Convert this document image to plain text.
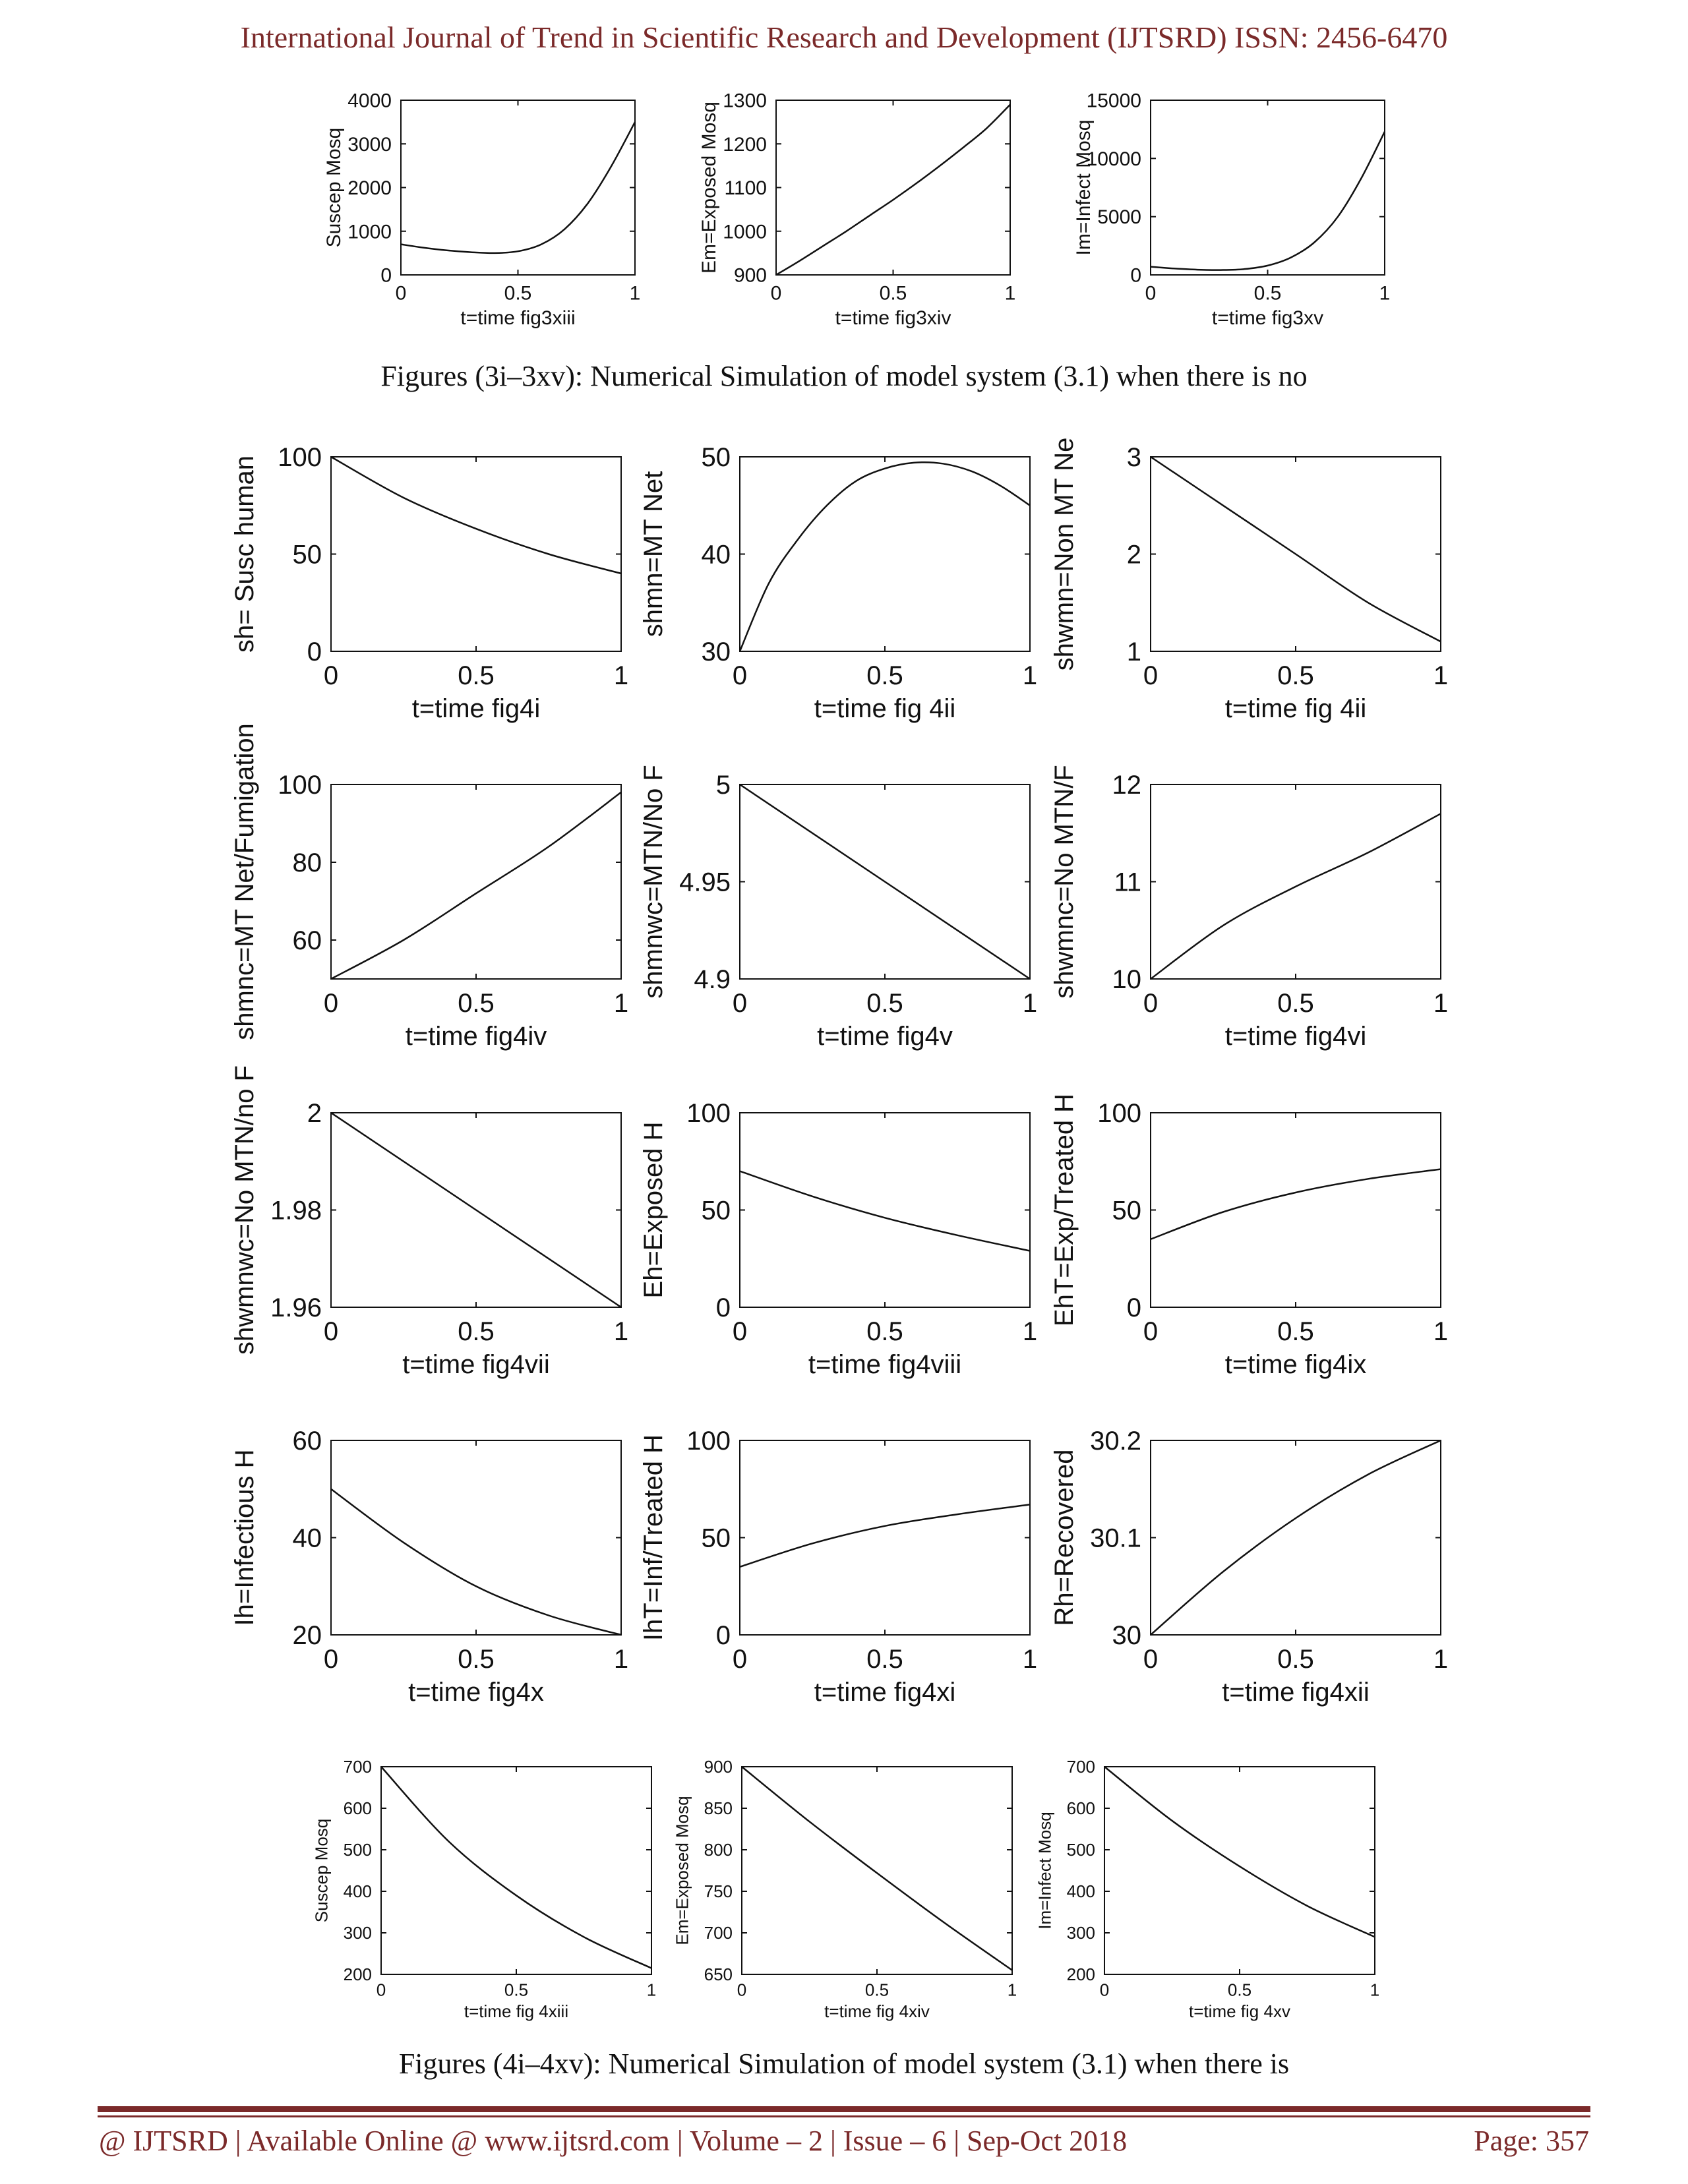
International Journal of Trend in Scientific Research and Development (IJTSRD) ISSN: 2456-6470
0	0.5	1
0
1000
2000
3000
4000
t=time fig3xiii
Suscep Mosq
0	0.5	1
900
1000
1100
1200
1300
t=time fig3xiv
Em=Exposed Mosq
0	0.5	1
0
5000
10000
15000
t=time fig3xv
Im=Infect Mosq
0	0.5	1
0
50
100
t=time fig4i
sh= Susc human
0	0.5	1
30
40
50
t=time fig 4ii
shmn=MT Net
0	0.5	1
1
2
3
t=time fig 4ii
shwmn=Non MT Ne
0	0.5	1
60
80
100
t=time fig4iv
shmnc=MT Net/Fumigation	0	0.5	1
4.9
4.95
5
t=time fig4v
shmnwc=MTN/No F
0	0.5	1
10
11
12
t=time fig4vi
shwmnc=No MTN/F
0	0.5	1
1.96
1.98
2
t=time fig4vii
shwmnwc=No MTN/no F	0	0.5	1
0
50
100
t=time fig4viii
Eh=Exposed H
0	0.5	1
0
50
100
t=time fig4ix
EhT=Exp/Treated H
0	0.5	1
20
40
60
t=time fig4x
Ih=Infectious H
0	0.5	1
0
50
100
t=time fig4xi
IhT=Inf/Treated H
0	0.5	1
30
30.1
30.2
t=time fig4xii
Rh=Recovered
0	0.5	1
200
300
400
500
600
700
t=time fig 4xiii
Suscep Mosq
0	0.5	1
650
700
750
800
850
900
t=time fig 4xiv
Em=Exposed Mosq
0	0.5	1
200
300
400
500
600
700
t=time fig 4xv
Im=Infect Mosq
Figures (3i–3xv): Numerical Simulation of model system (3.1) when there is no
Figures (4i–4xv): Numerical Simulation of model system (3.1) when there is
@ IJTSRD | Available Online @ www.ijtsrd.com | Volume – 2 | Issue – 6 | Sep-Oct 2018	Page: 357
